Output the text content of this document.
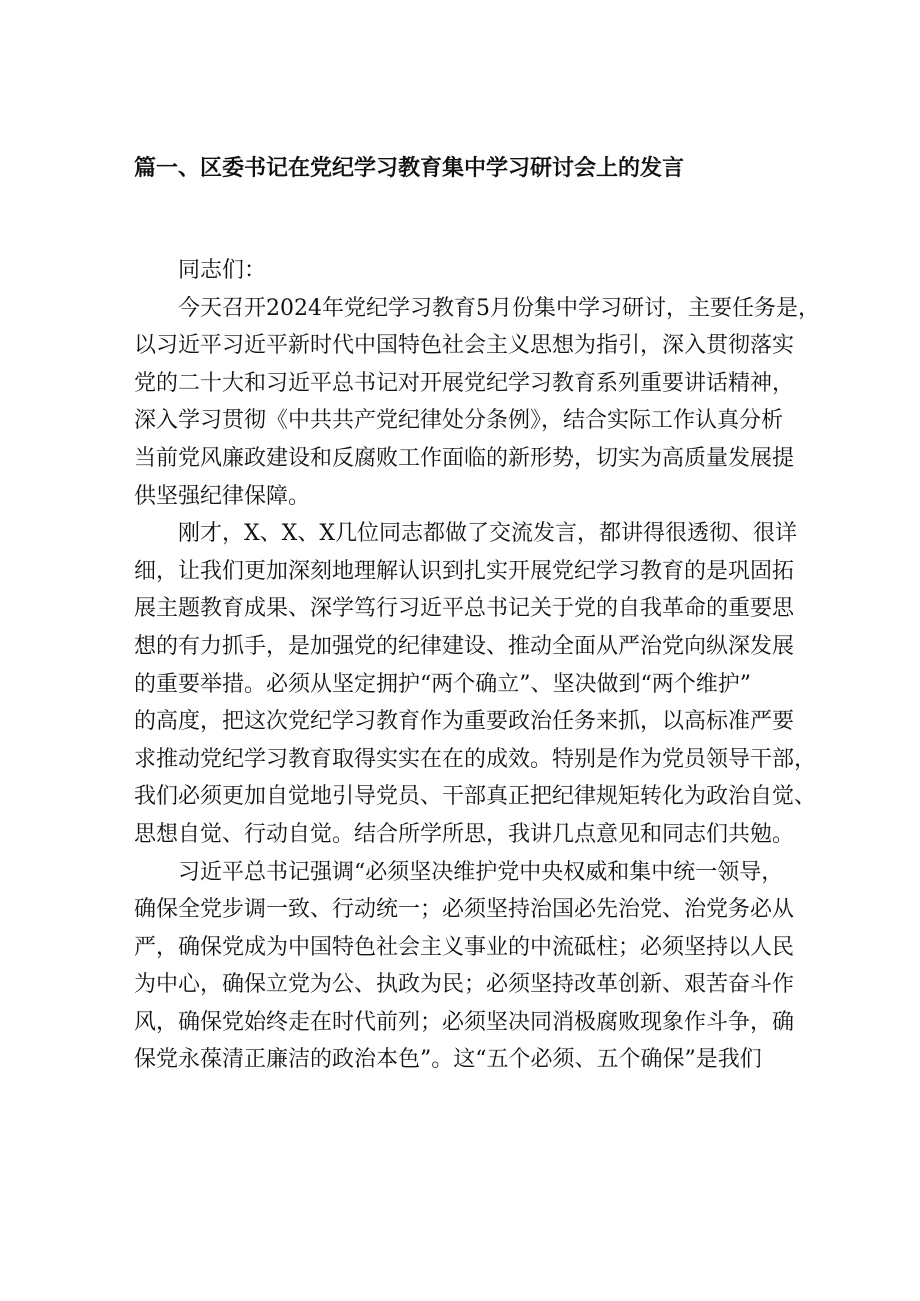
篇一、区委书记在党纪学习教育集中学习研讨会上的发言
同志们：
今天召开2024年党纪学习教育5月份集中学习研讨，主要任务是，
以习近平习近平新时代中国特色社会主义思想为指引，深入贯彻落实
党的二十大和习近平总书记对开展党纪学习教育系列重要讲话精神，
深入学习贯彻《中共共产党纪律处分条例》，结合实际工作认真分析
当前党风廉政建设和反腐败工作面临的新形势，切实为高质量发展提
供坚强纪律保障。
刚才，X、X、X几位同志都做了交流发言，都讲得很透彻、很详
细，让我们更加深刻地理解认识到扎实开展党纪学习教育的是巩固拓
展主题教育成果、深学笃行习近平总书记关于党的自我革命的重要思
想的有力抓手，是加强党的纪律建设、推动全面从严治党向纵深发展
的重要举措。必须从坚定拥护“两个确立”、坚决做到“两个维护”
的高度，把这次党纪学习教育作为重要政治任务来抓，以高标准严要
求推动党纪学习教育取得实实在在的成效。特别是作为党员领导干部，
我们必须更加自觉地引导党员、干部真正把纪律规矩转化为政治自觉、
思想自觉、行动自觉。结合所学所思，我讲几点意见和同志们共勉。
习近平总书记强调“必须坚决维护党中央权威和集中统一领导，
确保全党步调一致、行动统一；必须坚持治国必先治党、治党务必从
严，确保党成为中国特色社会主义事业的中流砥柱；必须坚持以人民
为中心，确保立党为公、执政为民；必须坚持改革创新、艰苦奋斗作
风，确保党始终走在时代前列；必须坚决同消极腐败现象作斗争，确
保党永葆清正廉洁的政治本色”。这“五个必须、五个确保”是我们
